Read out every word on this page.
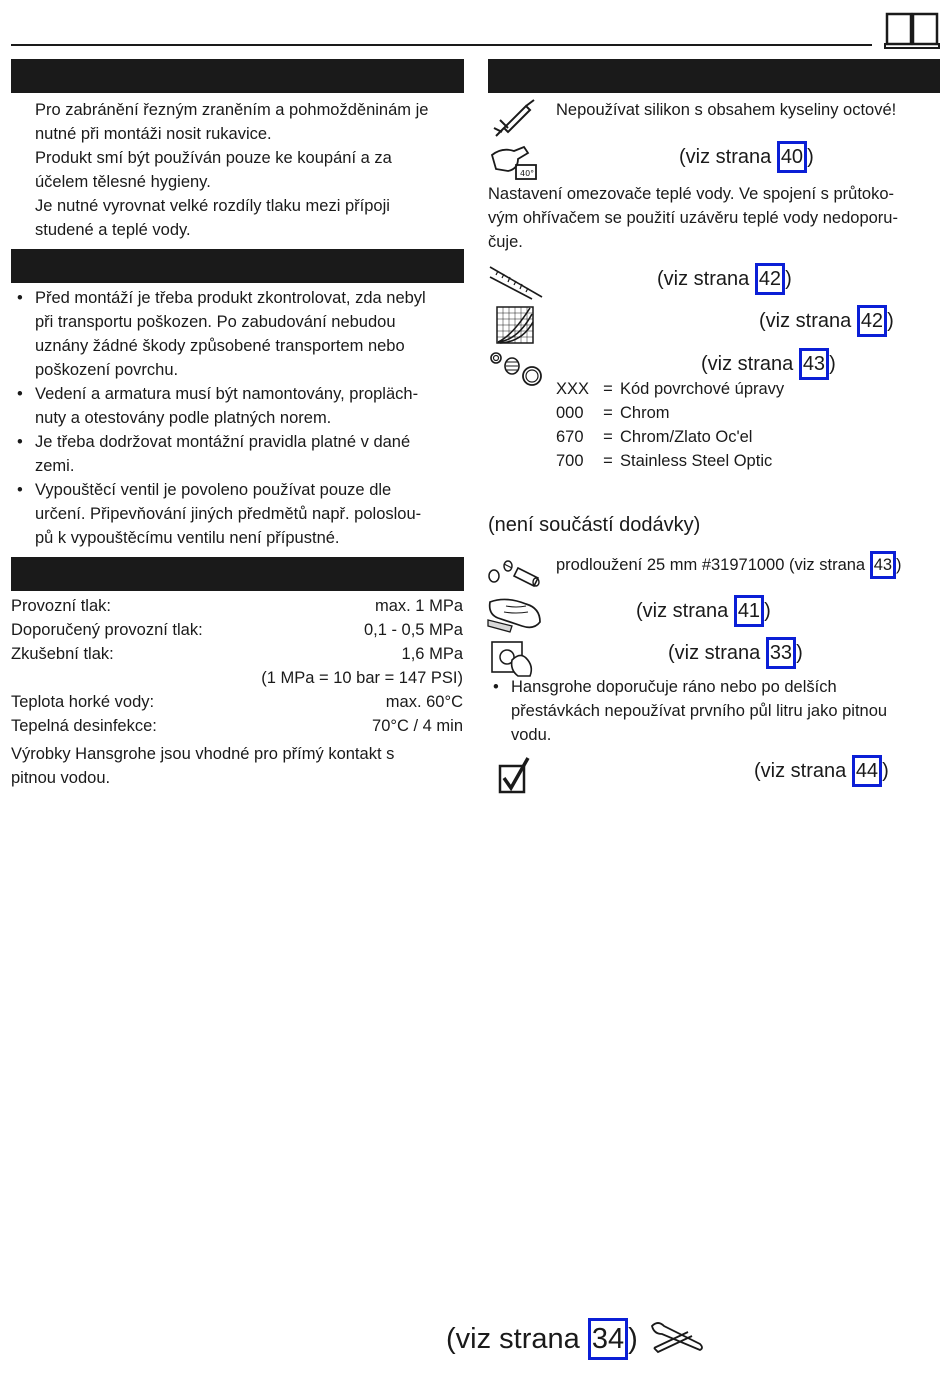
Pro zabránění řezným zraněním a pohmožděninám je
nutné při montáži nosit rukavice.
Produkt smí být používán pouze ke koupání a za
účelem tělesné hygieny.
Je nutné vyrovnat velké rozdíly tlaku mezi přípoji
studené a teplé vody.
• Před montáží je třeba produkt zkontrolovat, zda nebyl
při transportu poškozen. Po zabudování nebudou
uznány žádné škody způsobené transportem nebo
poškození povrchu.
• Vedení a armatura musí být namontovány, propläch-
nuty a otestovány podle platných norem.
• Je třeba dodržovat montážní pravidla platné v dané
zemi.
• Vypouštěcí ventil je povoleno používat pouze dle
určení. Připevňování jiných předmětů např. poloslou-
pů k vypouštěcímu ventilu není přípustné.
Provozní tlak:	max. 1 MPa
Doporučený provozní tlak:	0,1 - 0,5 MPa
Zkušební tlak:	1,6 MPa
(1 MPa = 10 bar = 147 PSI)
Teplota horké vody:	max. 60°C
Tepelná desinfekce:	70°C / 4 min
Výrobky Hansgrohe jsou vhodné pro přímý kontakt s
pitnou vodou.
Nepoužívat silikon s obsahem kyseliny octové!
40°
(viz strana 40 )
Nastavení omezovače teplé vody. Ve spojení s průtoko-
vým ohřívačem se použití uzávěru teplé vody nedoporu-
čuje.
(viz strana 42 )
(viz strana 42 )
(viz strana 43 )
XXX = Kód povrchové úpravy
000	= Chrom
670	= Chrom/Zlato Oc'el
700	= Stainless Steel Optic
(není součástí dodávky)
prodloužení 25 mm #31971000 (viz strana 43 )
(viz strana 41 )
(viz strana 33 )
• Hansgrohe doporučuje ráno nebo po delších
přestávkách nepoužívat prvního půl litru jako pitnou
vodu.
(viz strana 44 )
(viz strana 34 )
